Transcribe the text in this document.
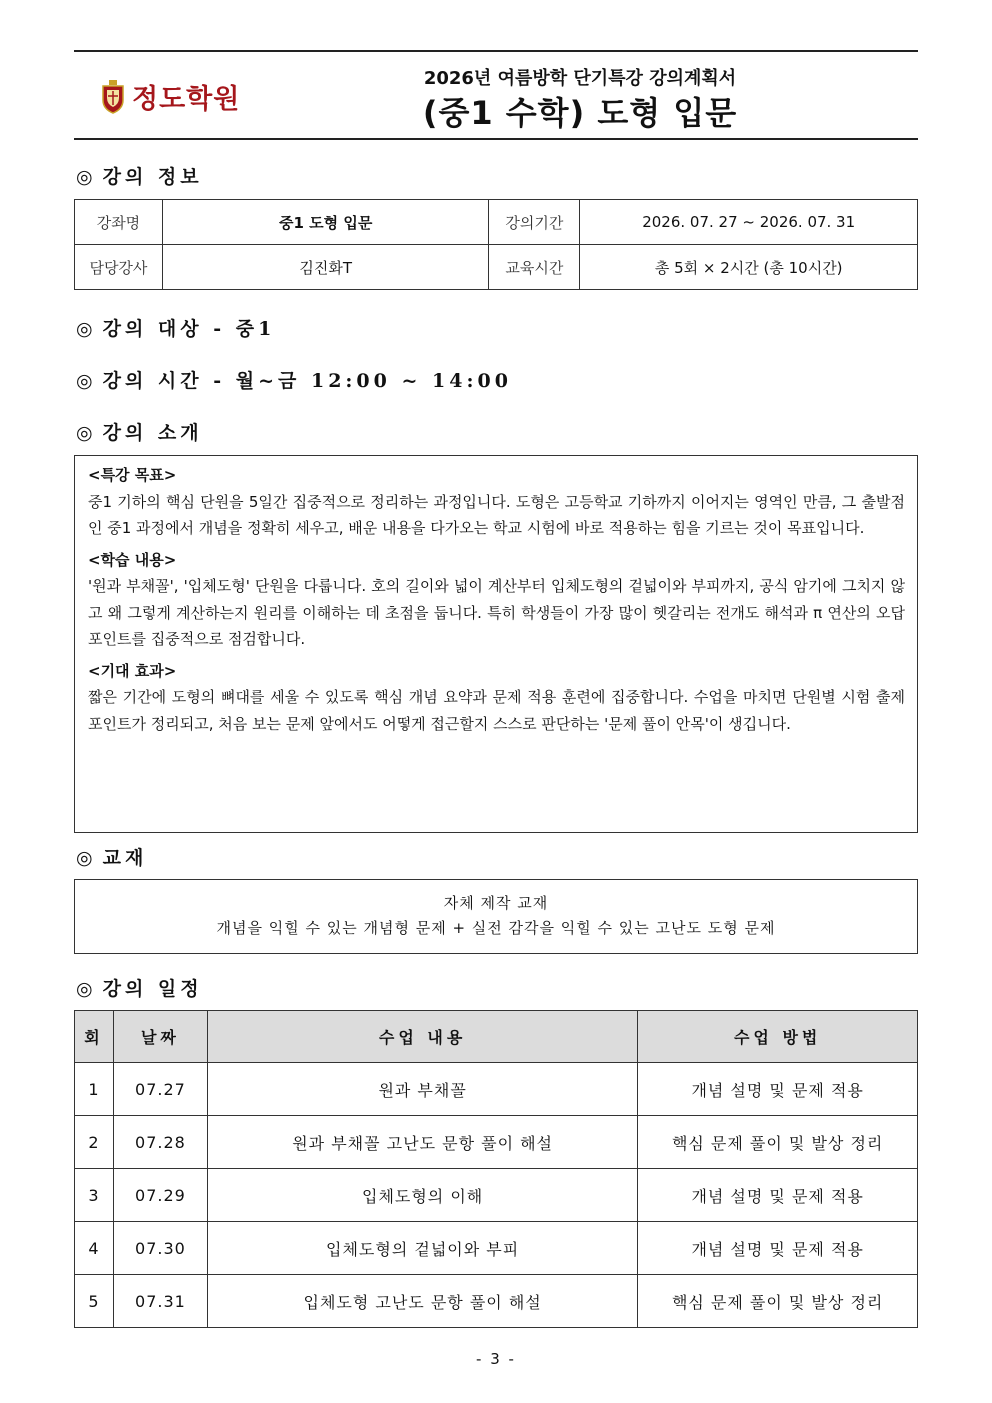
정도학원
2026년 여름방학 단기특강 강의계획서
(중1 수학) 도형 입문
◎ 강의 정보
강좌명	중1 도형 입문	강의기간	2026. 07. 27 ~ 2026. 07. 31
담당강사	김진화T	교육시간	총 5회 × 2시간 (총 10시간)
◎ 강의 대상 - 중1
◎ 강의 시간 - 월~금 12:00 ~ 14:00
◎ 강의 소개

<특강 목표>

중1 기하의 핵심 단원을 5일간 집중적으로 정리하는 과정입니다. 도형은 고등학교 기하까지 이어지는 영역인 만큼, 그 출발점인 중1 과정에서 개념을 정확히 세우고, 배운 내용을 다가오는 학교 시험에 바로 적용하는 힘을 기르는 것이 목표입니다.

<학습 내용>

'원과 부채꼴', '입체도형' 단원을 다룹니다. 호의 길이와 넓이 계산부터 입체도형의 겉넓이와 부피까지, 공식 암기에 그치지 않고 왜 그렇게 계산하는지 원리를 이해하는 데 초점을 둡니다. 특히 학생들이 가장 많이 헷갈리는 전개도 해석과 π 연산의 오답 포인트를 집중적으로 점검합니다.

<기대 효과>

짧은 기간에 도형의 뼈대를 세울 수 있도록 핵심 개념 요약과 문제 적용 훈련에 집중합니다. 수업을 마치면 단원별 시험 출제 포인트가 정리되고, 처음 보는 문제 앞에서도 어떻게 접근할지 스스로 판단하는 '문제 풀이 안목'이 생깁니다.

◎ 교재
자체 제작 교재
개념을 익힐 수 있는 개념형 문제 + 실전 감각을 익힐 수 있는 고난도 도형 문제
◎ 강의 일정
회	날짜	수업 내용	수업 방법
1	07.27	원과 부채꼴	개념 설명 및 문제 적용
2	07.28	원과 부채꼴 고난도 문항 풀이 해설	핵심 문제 풀이 및 발상 정리
3	07.29	입체도형의 이해	개념 설명 및 문제 적용
4	07.30	입체도형의 겉넓이와 부피	개념 설명 및 문제 적용
5	07.31	입체도형 고난도 문항 풀이 해설	핵심 문제 풀이 및 발상 정리
- 3 -
